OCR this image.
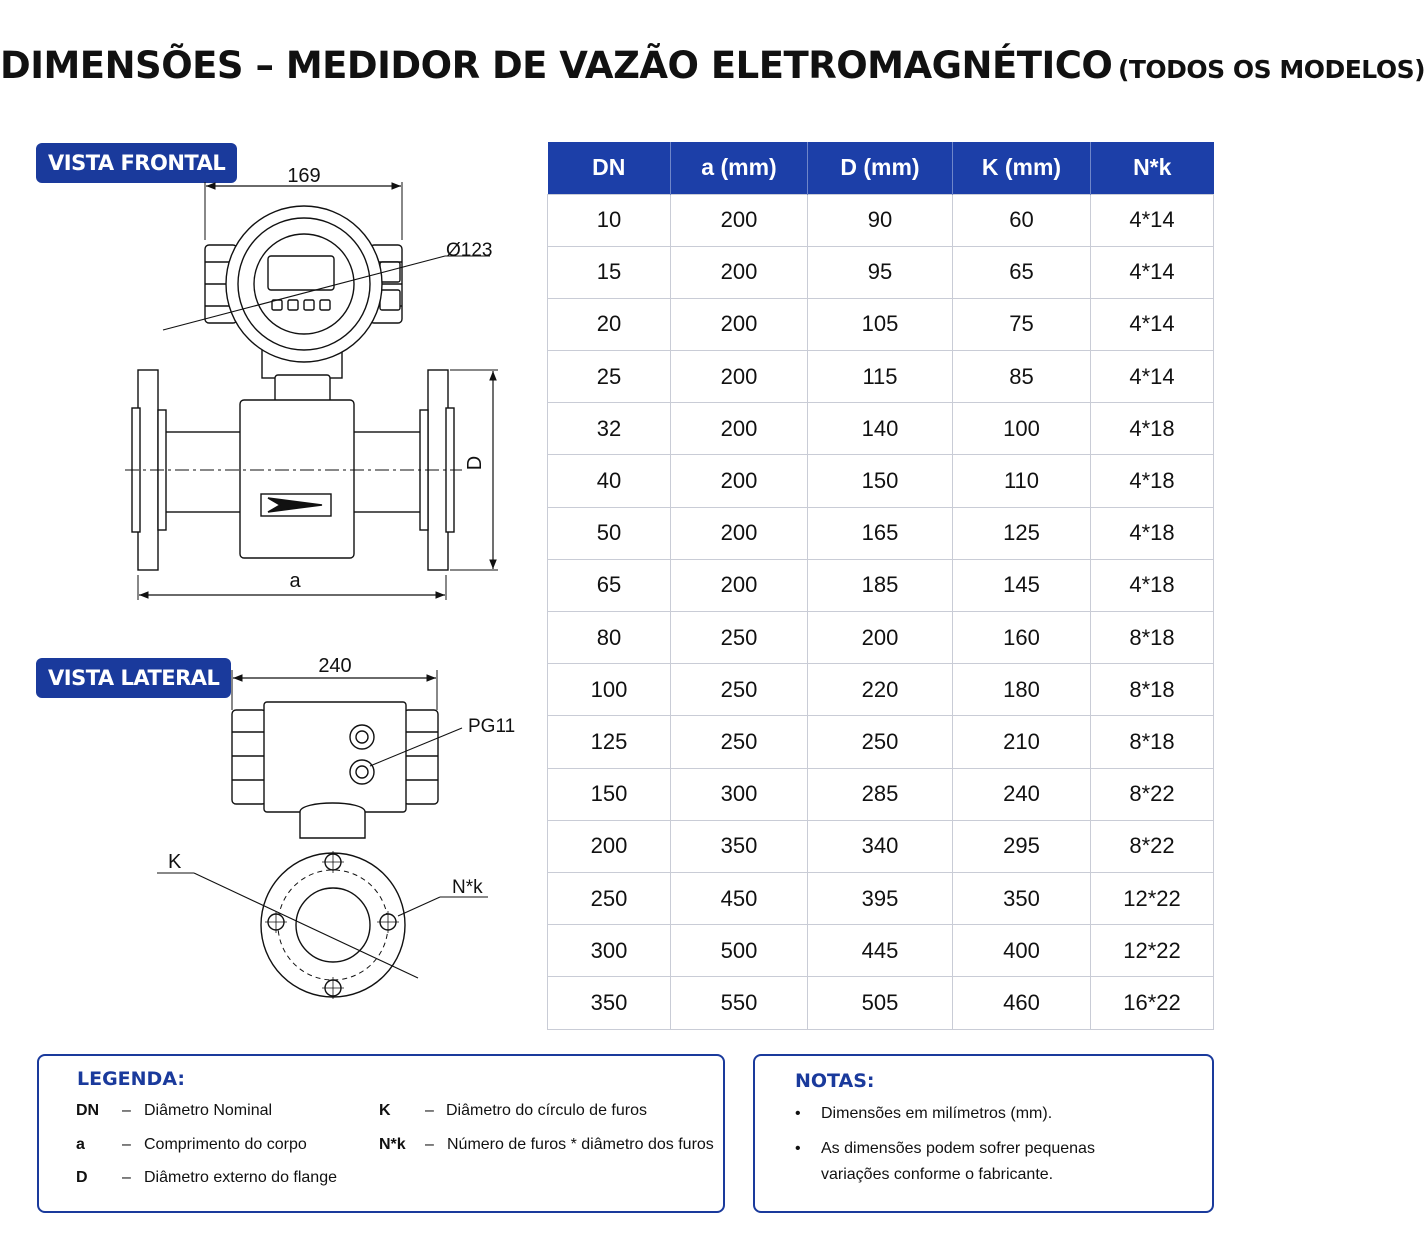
DIMENSÕES – MEDIDOR DE VAZÃO ELETROMAGNÉTICO (TODOS OS MODELOS)
VISTA FRONTAL
169
Ø123
D
a
VISTA LATERAL	240
PG11
K
N*k
DN	a (mm)	D (mm)	K (mm)	N*k
10	200	90	60	4*14
15	200	95	65	4*14
20	200	105	75	4*14
25	200	115	85	4*14
32	200	140	100	4*18
40	200	150	110	4*18
50	200	165	125	4*18
65	200	185	145	4*18
80	250	200	160	8*18
100	250	220	180	8*18
125	250	250	210	8*18
150	300	285	240	8*22
200	350	340	295	8*22
250	450	395	350	12*22
300	500	445	400	12*22
350	550	505	460	16*22
LEGENDA:
DN – Diâmetro Nominal
a – Comprimento do corpo
D – Diâmetro externo do flange
K – Diâmetro do círculo de furos
N*k – Número de furos * diâmetro dos furos
NOTAS:
• Dimensões em milímetros (mm).
• As dimensões podem sofrer pequenas variações conforme o fabricante.
